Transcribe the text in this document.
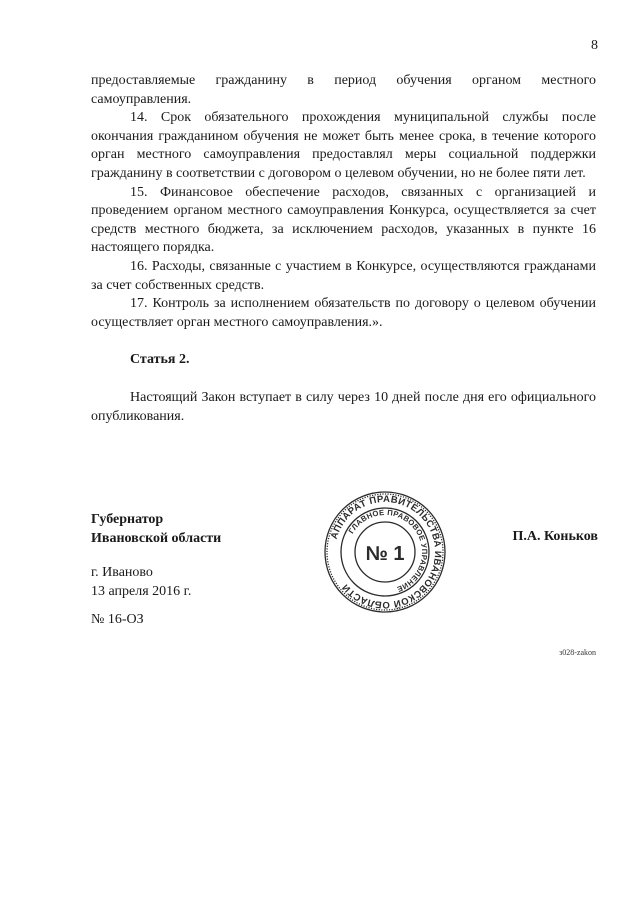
8

предоставляемые гражданину в период обучения органом местного самоуправления.

14. Срок обязательного прохождения муниципальной службы после окончания гражданином обучения не может быть менее срока, в течение которого орган местного самоуправления предоставлял меры социальной поддержки гражданину в соответствии с договором о целевом обучении, но не более пяти лет.

15. Финансовое обеспечение расходов, связанных с организацией и проведением органом местного самоуправления Конкурса, осуществляется за счет средств местного бюджета, за исключением расходов, указанных в пункте 16 настоящего порядка.

16. Расходы, связанные с участием в Конкурсе, осуществляются гражданами за счет собственных средств.

17. Контроль за исполнением обязательств по договору о целевом обучении осуществляет орган местного самоуправления.».

Статья 2.

Настоящий Закон вступает в силу через 10 дней после дня его официального опубликования.

Губернатор
Ивановской области	П.А. Коньков
АППАРАТ ПРАВИТЕЛЬСТВА ИВАНОВСКОЙ ОБЛАСТИ
ГЛАВНОЕ ПРАВОВОЕ УПРАВЛЕНИЕ
№ 1
г. Иваново
13 апреля 2016 г.
№ 16-ОЗ
з028-zakon
